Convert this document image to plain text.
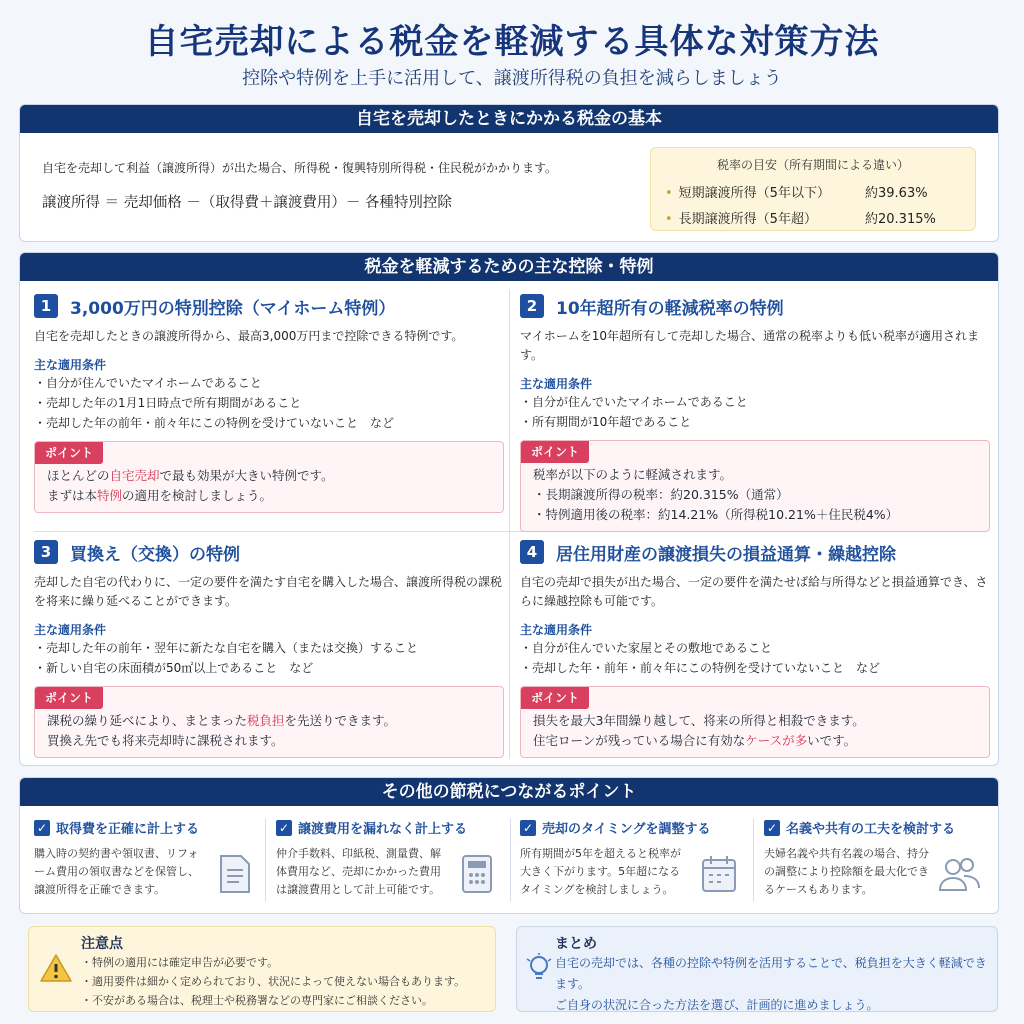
自宅売却による税金を軽減する具体な対策方法
控除や特例を上手に活用して、譲渡所得税の負担を減らしましょう
自宅を売却したときにかかる税金の基本
自宅を売却して利益（譲渡所得）が出た場合、所得税・復興特別所得税・住民税がかかります。
譲渡所得 ＝ 売却価格 －（取得費＋譲渡費用）－ 各種特別控除
税率の目安（所有期間による違い）
• 短期譲渡所得（5年以下）	約39.63%
• 長期譲渡所得（5年超）	約20.315%
税金を軽減するための主な控除・特例
1	3,000万円の特別控除（マイホーム特例）
自宅を売却したときの譲渡所得から、最高3,000万円まで控除できる特例です。
主な適用条件
・自分が住んでいたマイホームであること
・売却した年の1月1日時点で所有期間があること
・売却した年の前年・前々年にこの特例を受けていないこと　など
ポイント
ほとんどの自宅売却で最も効果が大きい特例です。
まずは本特例の適用を検討しましょう。
2	10年超所有の軽減税率の特例
マイホームを10年超所有して売却した場合、通常の税率よりも低い税率が適用されます。
主な適用条件
・自分が住んでいたマイホームであること
・所有期間が10年超であること
ポイント
税率が以下のように軽減されます。
・長期譲渡所得の税率：約20.315%（通常）
・特例適用後の税率：約14.21%（所得税10.21%＋住民税4%）
3	買換え（交換）の特例
売却した自宅の代わりに、一定の要件を満たす自宅を購入した場合、譲渡所得税の課税を将来に繰り延べることができます。
主な適用条件
・売却した年の前年・翌年に新たな自宅を購入（または交換）すること
・新しい自宅の床面積が50㎡以上であること　など
ポイント
課税の繰り延べにより、まとまった税負担を先送りできます。
買換え先でも将来売却時に課税されます。
4	居住用財産の譲渡損失の損益通算・繰越控除
自宅の売却で損失が出た場合、一定の要件を満たせば給与所得などと損益通算でき、さらに繰越控除も可能です。
主な適用条件
・自分が住んでいた家屋とその敷地であること
・売却した年・前年・前々年にこの特例を受けていないこと　など
ポイント
損失を最大3年間繰り越して、将来の所得と相殺できます。
住宅ローンが残っている場合に有効なケースが多いです。
その他の節税につながるポイント
✓ 取得費を正確に計上する
購入時の契約書や領収書、リフォーム費用の領収書などを保管し、譲渡所得を正確できます。
✓ 譲渡費用を漏れなく計上する
仲介手数料、印紙税、測量費、解体費用など、売却にかかった費用は譲渡費用として計上可能です。
✓ 売却のタイミングを調整する
所有期間が5年を超えると税率が大きく下がります。5年超になるタイミングを検討しましょう。
✓ 名義や共有の工夫を検討する
夫婦名義や共有名義の場合、持分の調整により控除額を最大化できるケースもあります。
注意点
・特例の適用には確定申告が必要です。
・適用要件は細かく定められており、状況によって使えない場合もあります。
・不安がある場合は、税理士や税務署などの専門家にご相談ください。
まとめ
自宅の売却では、各種の控除や特例を活用することで、税負担を大きく軽減できます。
ご自身の状況に合った方法を選び、計画的に進めましょう。
